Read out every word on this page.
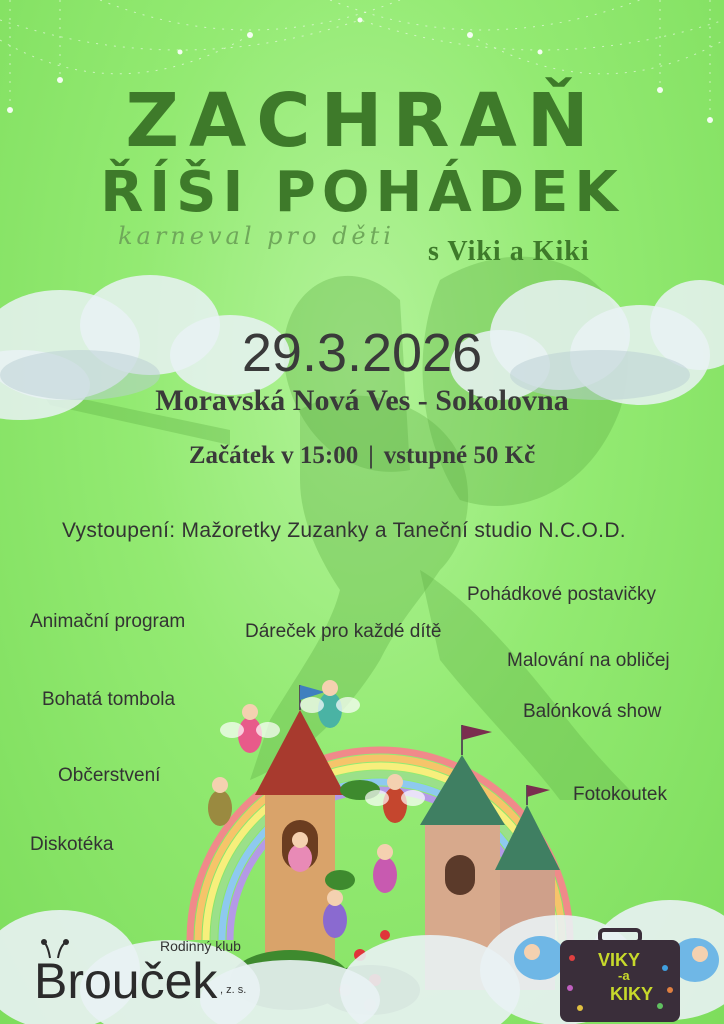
ZACHRAŇ
ŘÍŠI POHÁDEK
karneval pro děti s Viki a Kiki
29.3.2026
Moravská Nová Ves - Sokolovna
Začátek v 15:00 | vstupné 50 Kč
Vystoupení: Mažoretky Zuzanky a Taneční studio N.C.O.D.
Animační program	Dáreček pro každé dítě
Pohádkové postavičky
Malování na obličej
Bohatá tombola
Balónková show
Občerstvení
Fotokoutek
Diskotéka
Rodinný klub
Brouček , z. s.
VIKY
-a
KIKY
